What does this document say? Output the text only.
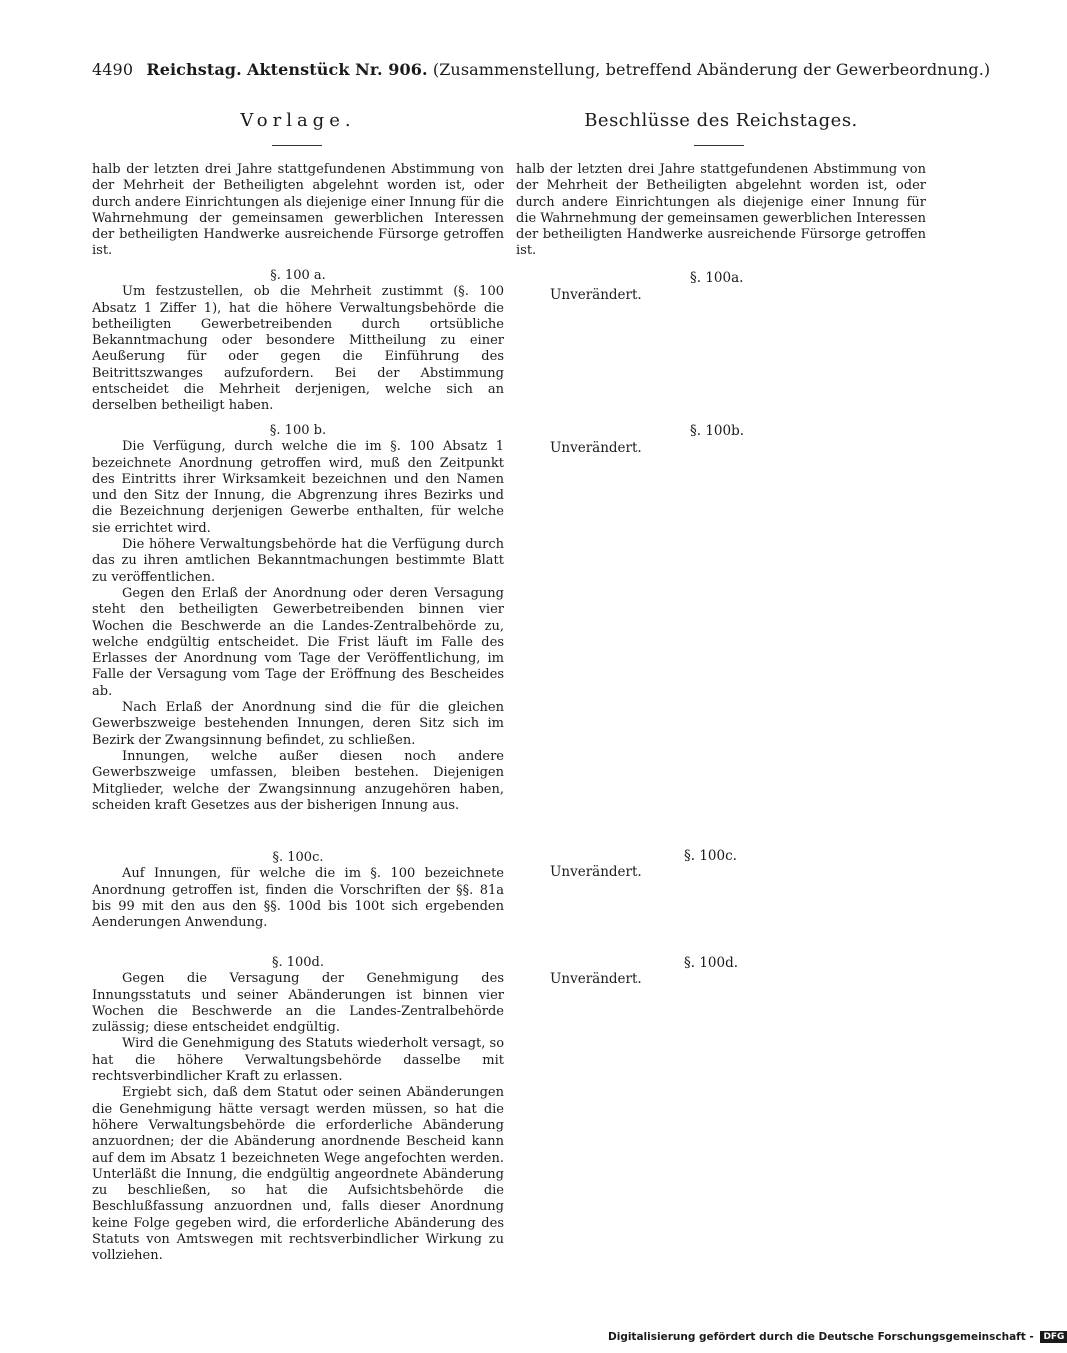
4490 Reichstag. Aktenstück Nr. 906. (Zusammenstellung, betreffend Abänderung der Gewerbeordnung.)
Vorlage.	Beschlüsse des Reichstages.

halb der letzten drei Jahre stattgefundenen Abstimmung von der Mehrheit der Betheiligten abgelehnt worden ist, oder durch andere Einrichtungen als diejenige einer Innung für die Wahrnehmung der gemeinsamen gewerblichen Interessen der betheiligten Handwerke ausreichende Fürsorge getroffen ist.

§. 100 a.

Um festzustellen, ob die Mehrheit zustimmt (§. 100 Absatz 1 Ziffer 1), hat die höhere Verwaltungsbehörde die betheiligten Gewerbetreibenden durch ortsübliche Bekanntmachung oder besondere Mittheilung zu einer Aeußerung für oder gegen die Einführung des Beitrittszwanges aufzufordern. Bei der Abstimmung entscheidet die Mehrheit derjenigen, welche sich an derselben betheiligt haben.

§. 100 b.

Die Verfügung, durch welche die im §. 100 Absatz 1 bezeichnete Anordnung getroffen wird, muß den Zeitpunkt des Eintritts ihrer Wirksamkeit bezeichnen und den Namen und den Sitz der Innung, die Abgrenzung ihres Bezirks und die Bezeichnung derjenigen Gewerbe enthalten, für welche sie errichtet wird.

Die höhere Verwaltungsbehörde hat die Verfügung durch das zu ihren amtlichen Bekanntmachungen bestimmte Blatt zu veröffentlichen.

Gegen den Erlaß der Anordnung oder deren Versagung steht den betheiligten Gewerbetreibenden binnen vier Wochen die Beschwerde an die Landes-Zentralbehörde zu, welche endgültig entscheidet. Die Frist läuft im Falle des Erlasses der Anordnung vom Tage der Veröffentlichung, im Falle der Versagung vom Tage der Eröffnung des Bescheides ab.

Nach Erlaß der Anordnung sind die für die gleichen Gewerbszweige bestehenden Innungen, deren Sitz sich im Bezirk der Zwangsinnung befindet, zu schließen.

Innungen, welche außer diesen noch andere Gewerbszweige umfassen, bleiben bestehen. Diejenigen Mitglieder, welche der Zwangsinnung anzugehören haben, scheiden kraft Gesetzes aus der bisherigen Innung aus.

§. 100c.

Auf Innungen, für welche die im §. 100 bezeichnete Anordnung getroffen ist, finden die Vorschriften der §§. 81a bis 99 mit den aus den §§. 100d bis 100t sich ergebenden Aenderungen Anwendung.

§. 100d.

Gegen die Versagung der Genehmigung des Innungsstatuts und seiner Abänderungen ist binnen vier Wochen die Beschwerde an die Landes-Zentralbehörde zulässig; diese entscheidet endgültig.

Wird die Genehmigung des Statuts wiederholt versagt, so hat die höhere Verwaltungsbehörde dasselbe mit rechtsverbindlicher Kraft zu erlassen.

Ergiebt sich, daß dem Statut oder seinen Abänderungen die Genehmigung hätte versagt werden müssen, so hat die höhere Verwaltungsbehörde die erforderliche Abänderung anzuordnen; der die Abänderung anordnende Bescheid kann auf dem im Absatz 1 bezeichneten Wege angefochten werden. Unterläßt die Innung, die endgültig angeordnete Abänderung zu beschließen, so hat die Aufsichtsbehörde die Beschlußfassung anzuordnen und, falls dieser Anordnung keine Folge gegeben wird, die erforderliche Abänderung des Statuts von Amtswegen mit rechtsverbindlicher Wirkung zu vollziehen.

halb der letzten drei Jahre stattgefundenen Abstimmung von der Mehrheit der Betheiligten abgelehnt worden ist, oder durch andere Einrichtungen als diejenige einer Innung für die Wahrnehmung der gemeinsamen gewerblichen Interessen der betheiligten Handwerke ausreichende Fürsorge getroffen ist.

§. 100a.
Unverändert.
§. 100b.
Unverändert.
§. 100c.
Unverändert.
§. 100d.
Unverändert.
Digitalisierung gefördert durch die Deutsche Forschungsgemeinschaft - DFG
